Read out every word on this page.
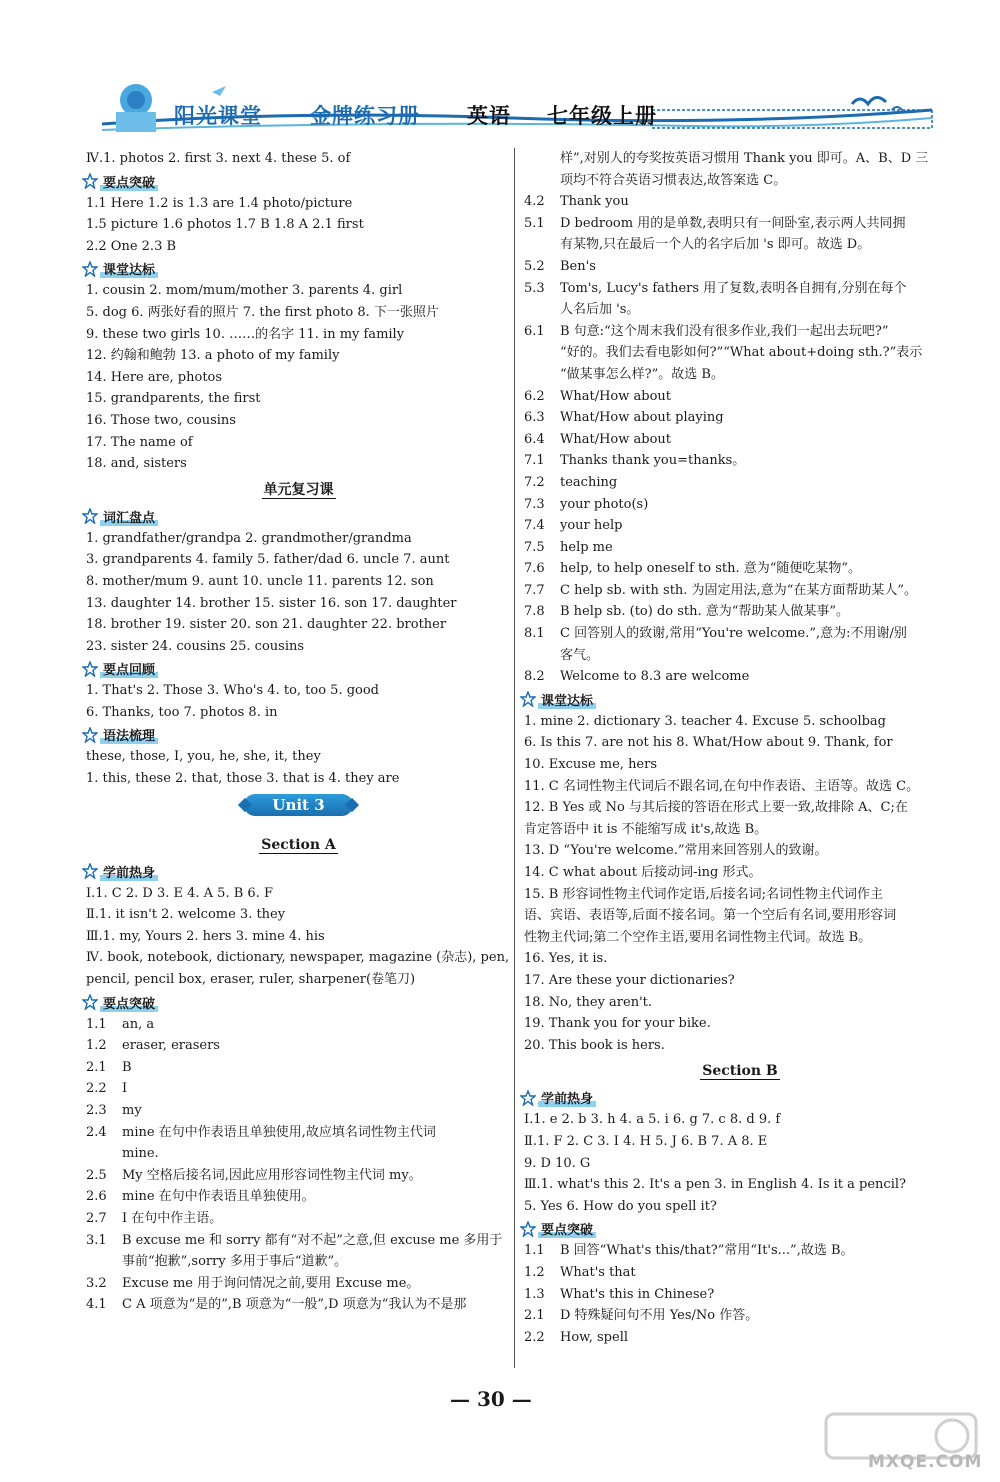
阳光课堂 金牌练习册 英语 七年级上册
Ⅳ.1. photos 2. first 3. next 4. these 5. of
要点突破
1.1 Here 1.2 is 1.3 are 1.4 photo/picture
1.5 picture 1.6 photos 1.7 B 1.8 A 2.1 first
2.2 One 2.3 B
课堂达标
1. cousin 2. mom/mum/mother 3. parents 4. girl
5. dog 6. 两张好看的照片 7. the first photo 8. 下一张照片
9. these two girls 10. ……的名字 11. in my family
12. 约翰和鲍勃 13. a photo of my family
14. Here are, photos
15. grandparents, the first
16. Those two, cousins
17. The name of
18. and, sisters
单元复习课
词汇盘点
1. grandfather/grandpa 2. grandmother/grandma
3. grandparents 4. family 5. father/dad 6. uncle 7. aunt
8. mother/mum 9. aunt 10. uncle 11. parents 12. son
13. daughter 14. brother 15. sister 16. son 17. daughter
18. brother 19. sister 20. son 21. daughter 22. brother
23. sister 24. cousins 25. cousins
要点回顾
1. That's 2. Those 3. Who's 4. to, too 5. good
6. Thanks, too 7. photos 8. in
语法梳理
these, those, I, you, he, she, it, they
1. this, these 2. that, those 3. that is 4. they are
Unit 3
Section A
学前热身
Ⅰ.1. C 2. D 3. E 4. A 5. B 6. F
Ⅱ.1. it isn't 2. welcome 3. they
Ⅲ.1. my, Yours 2. hers 3. mine 4. his
Ⅳ. book, notebook, dictionary, newspaper, magazine (杂志), pen,
pencil, pencil box, eraser, ruler, sharpener(卷笔刀)
要点突破
1.1 an, a
1.2 eraser, erasers
2.1 B
2.2 I
2.3 my
2.4 mine 在句中作表语且单独使用,故应填名词性物主代词
mine.
2.5 My 空格后接名词,因此应用形容词性物主代词 my。
2.6 mine 在句中作表语且单独使用。
2.7 I 在句中作主语。
3.1 B excuse me 和 sorry 都有“对不起”之意,但 excuse me 多用于
事前“抱歉”,sorry 多用于事后“道歉”。
3.2 Excuse me 用于询问情况之前,要用 Excuse me。
4.1 C A 项意为“是的”,B 项意为“一般”,D 项意为“我认为不是那
样”,对别人的夸奖按英语习惯用 Thank you 即可。A、B、D 三
项均不符合英语习惯表达,故答案选 C。
4.2 Thank you
5.1 D bedroom 用的是单数,表明只有一间卧室,表示两人共同拥
有某物,只在最后一个人的名字后加 's 即可。故选 D。
5.2 Ben's
5.3 Tom's, Lucy's fathers 用了复数,表明各自拥有,分别在每个
人名后加 's。
6.1 B 句意:“这个周末我们没有很多作业,我们一起出去玩吧?”
“好的。我们去看电影如何?”“What about+doing sth.?”表示
“做某事怎么样?”。故选 B。
6.2 What/How about
6.3 What/How about playing
6.4 What/How about
7.1 Thanks thank you=thanks。
7.2 teaching
7.3 your photo(s)
7.4 your help
7.5 help me
7.6 help, to help oneself to sth. 意为“随便吃某物”。
7.7 C help sb. with sth. 为固定用法,意为“在某方面帮助某人”。
7.8 B help sb. (to) do sth. 意为“帮助某人做某事”。
8.1 C 回答别人的致谢,常用“You're welcome.”,意为:不用谢/别
客气。
8.2 Welcome to 8.3 are welcome
课堂达标
1. mine 2. dictionary 3. teacher 4. Excuse 5. schoolbag
6. Is this 7. are not his 8. What/How about 9. Thank, for
10. Excuse me, hers
11. C 名词性物主代词后不跟名词,在句中作表语、主语等。故选 C。
12. B Yes 或 No 与其后接的答语在形式上要一致,故排除 A、C;在
肯定答语中 it is 不能缩写成 it's,故选 B。
13. D “You're welcome.”常用来回答别人的致谢。
14. C what about 后接动词-ing 形式。
15. B 形容词性物主代词作定语,后接名词;名词性物主代词作主
语、宾语、表语等,后面不接名词。第一个空后有名词,要用形容词
性物主代词;第二个空作主语,要用名词性物主代词。故选 B。
16. Yes, it is.
17. Are these your dictionaries?
18. No, they aren't.
19. Thank you for your bike.
20. This book is hers.
Section B
学前热身
Ⅰ.1. e 2. b 3. h 4. a 5. i 6. g 7. c 8. d 9. f
Ⅱ.1. F 2. C 3. I 4. H 5. J 6. B 7. A 8. E
9. D 10. G
Ⅲ.1. what's this 2. It's a pen 3. in English 4. Is it a pencil?
5. Yes 6. How do you spell it?
要点突破
1.1 B 回答“What's this/that?”常用“It's...”,故选 B。
1.2 What's that
1.3 What's this in Chinese?
2.1 D 特殊疑问句不用 Yes/No 作答。
2.2 How, spell
— 30 —
MXQE.COM
